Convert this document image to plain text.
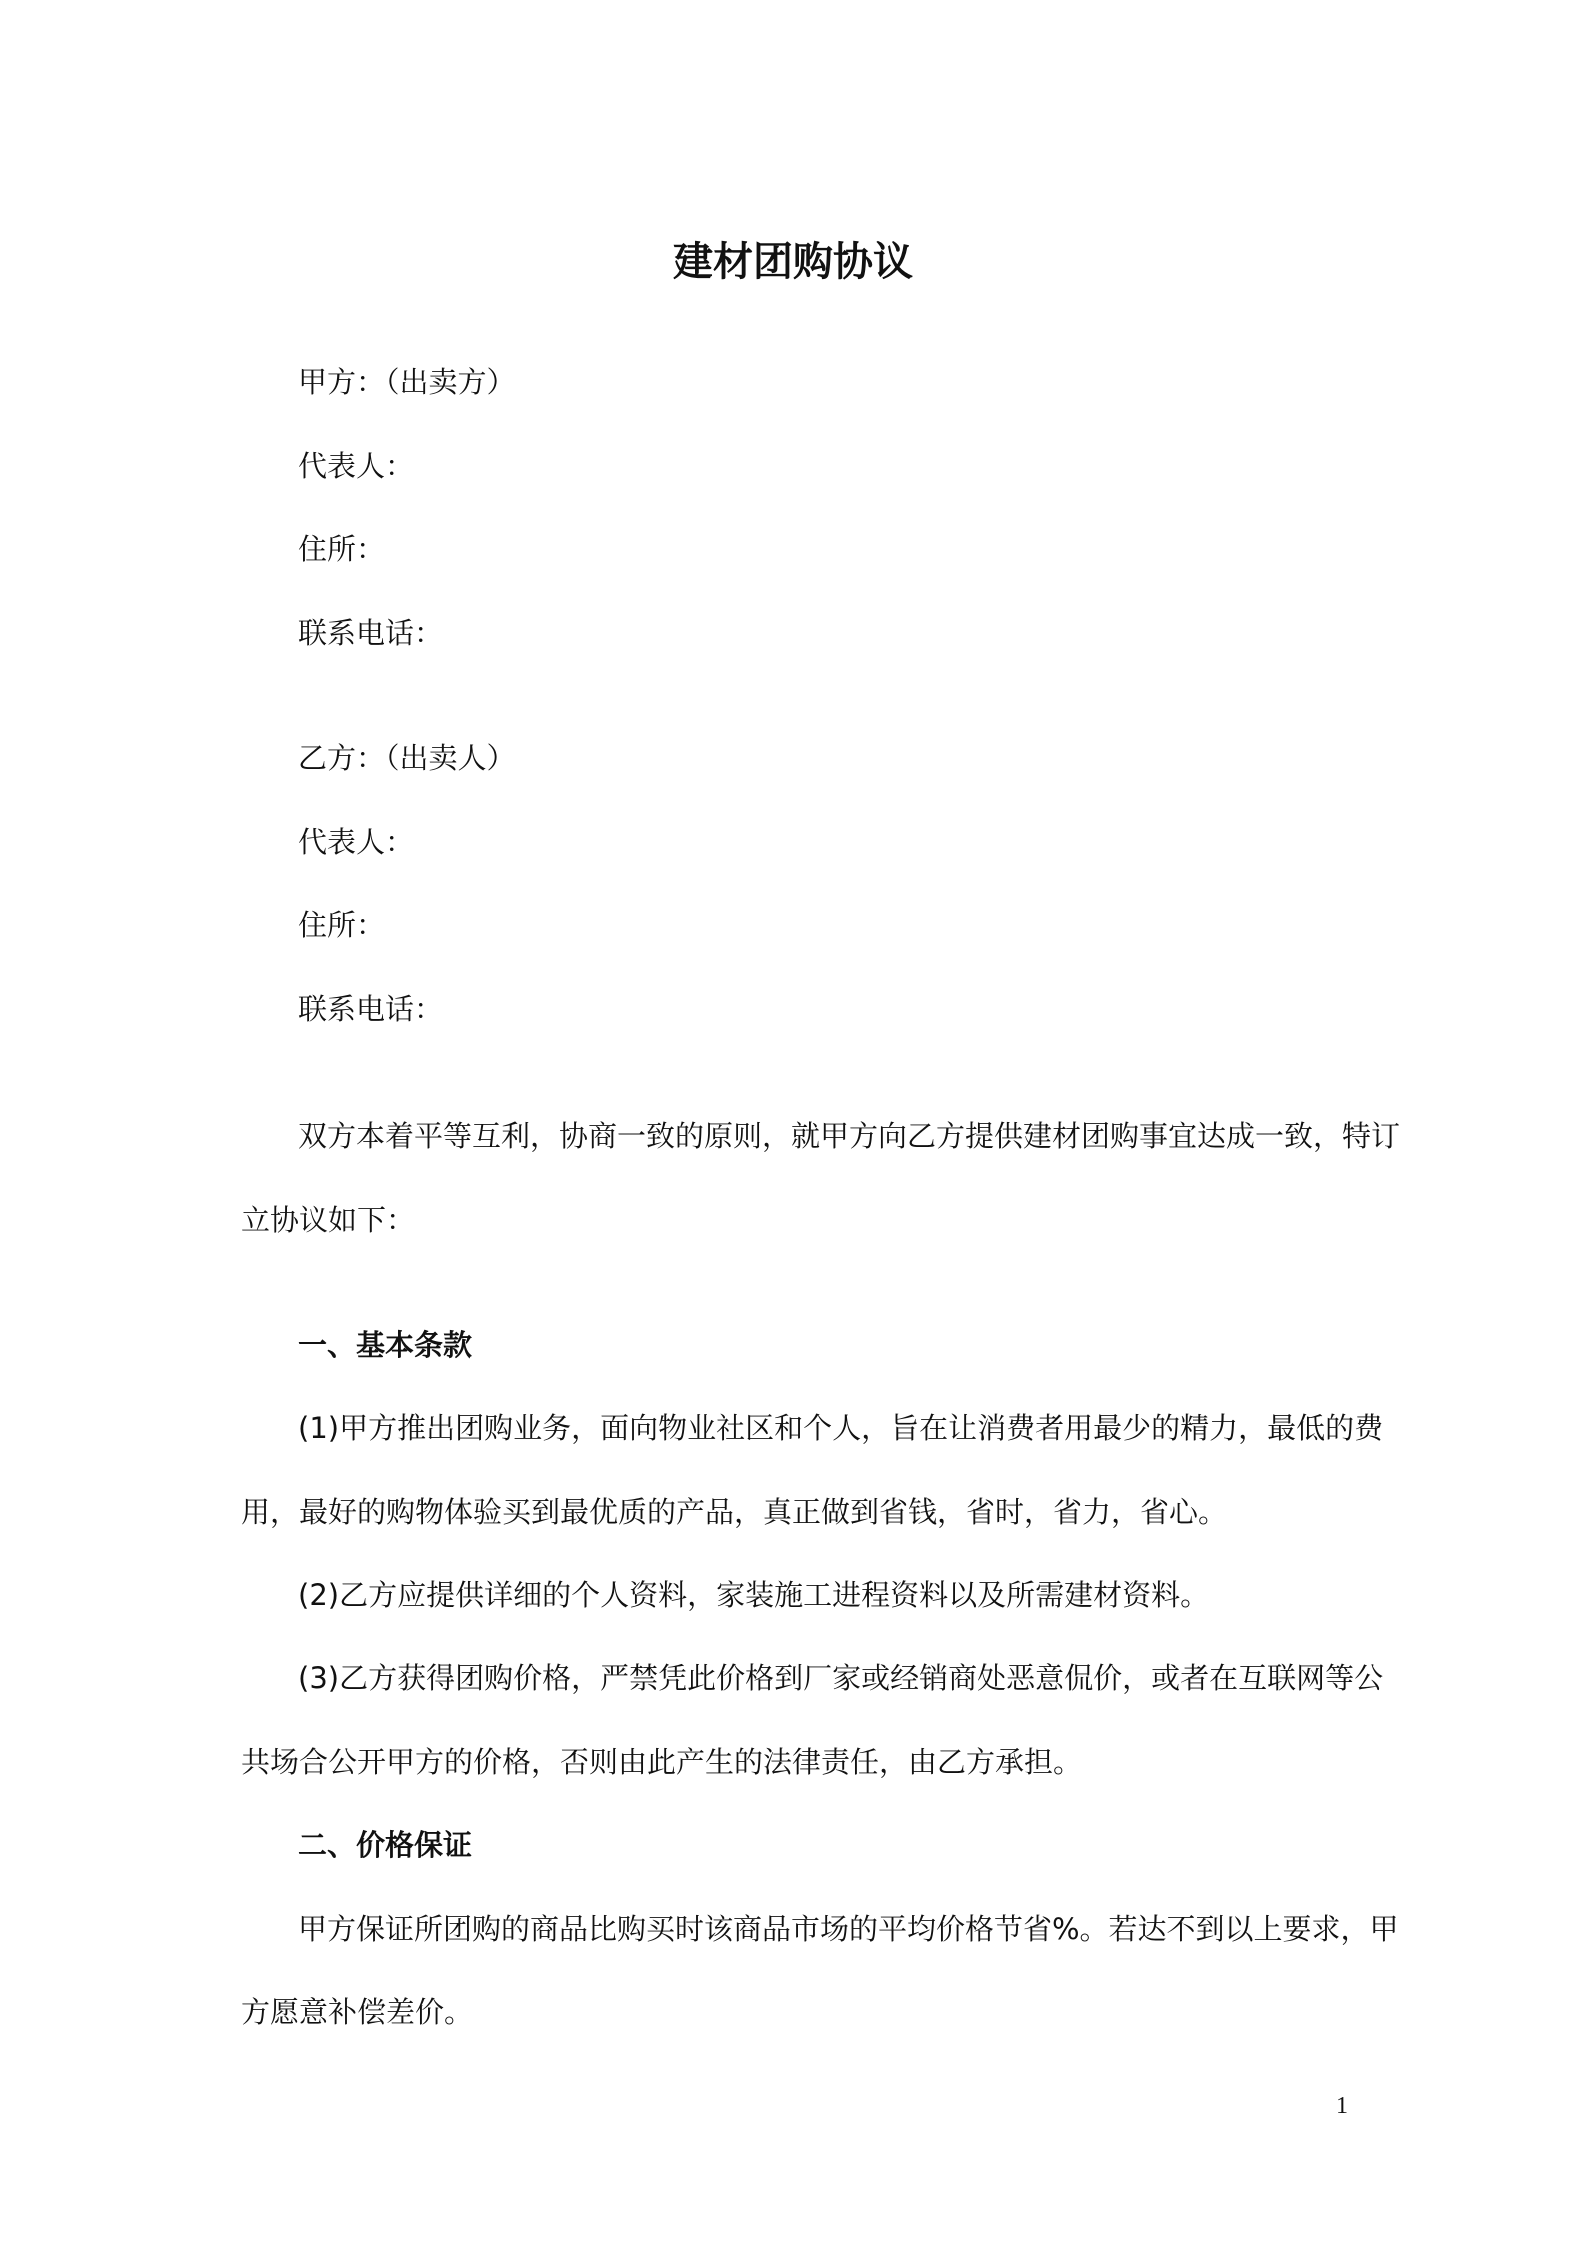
建材团购协议

甲方：（出卖方）

代表人：

住所：

联系电话：

乙方：（出卖人）

代表人：

住所：

联系电话：

双方本着平等互利，协商一致的原则，就甲方向乙方提供建材团购事宜达成一致，特订

立协议如下：

一、基本条款

(1)甲方推出团购业务，面向物业社区和个人，旨在让消费者用最少的精力，最低的费

用，最好的购物体验买到最优质的产品，真正做到省钱，省时，省力，省心。

(2)乙方应提供详细的个人资料，家装施工进程资料以及所需建材资料。

(3)乙方获得团购价格，严禁凭此价格到厂家或经销商处恶意侃价，或者在互联网等公

共场合公开甲方的价格，否则由此产生的法律责任，由乙方承担。

二、价格保证

甲方保证所团购的商品比购买时该商品市场的平均价格节省%。若达不到以上要求，甲

方愿意补偿差价。

1
